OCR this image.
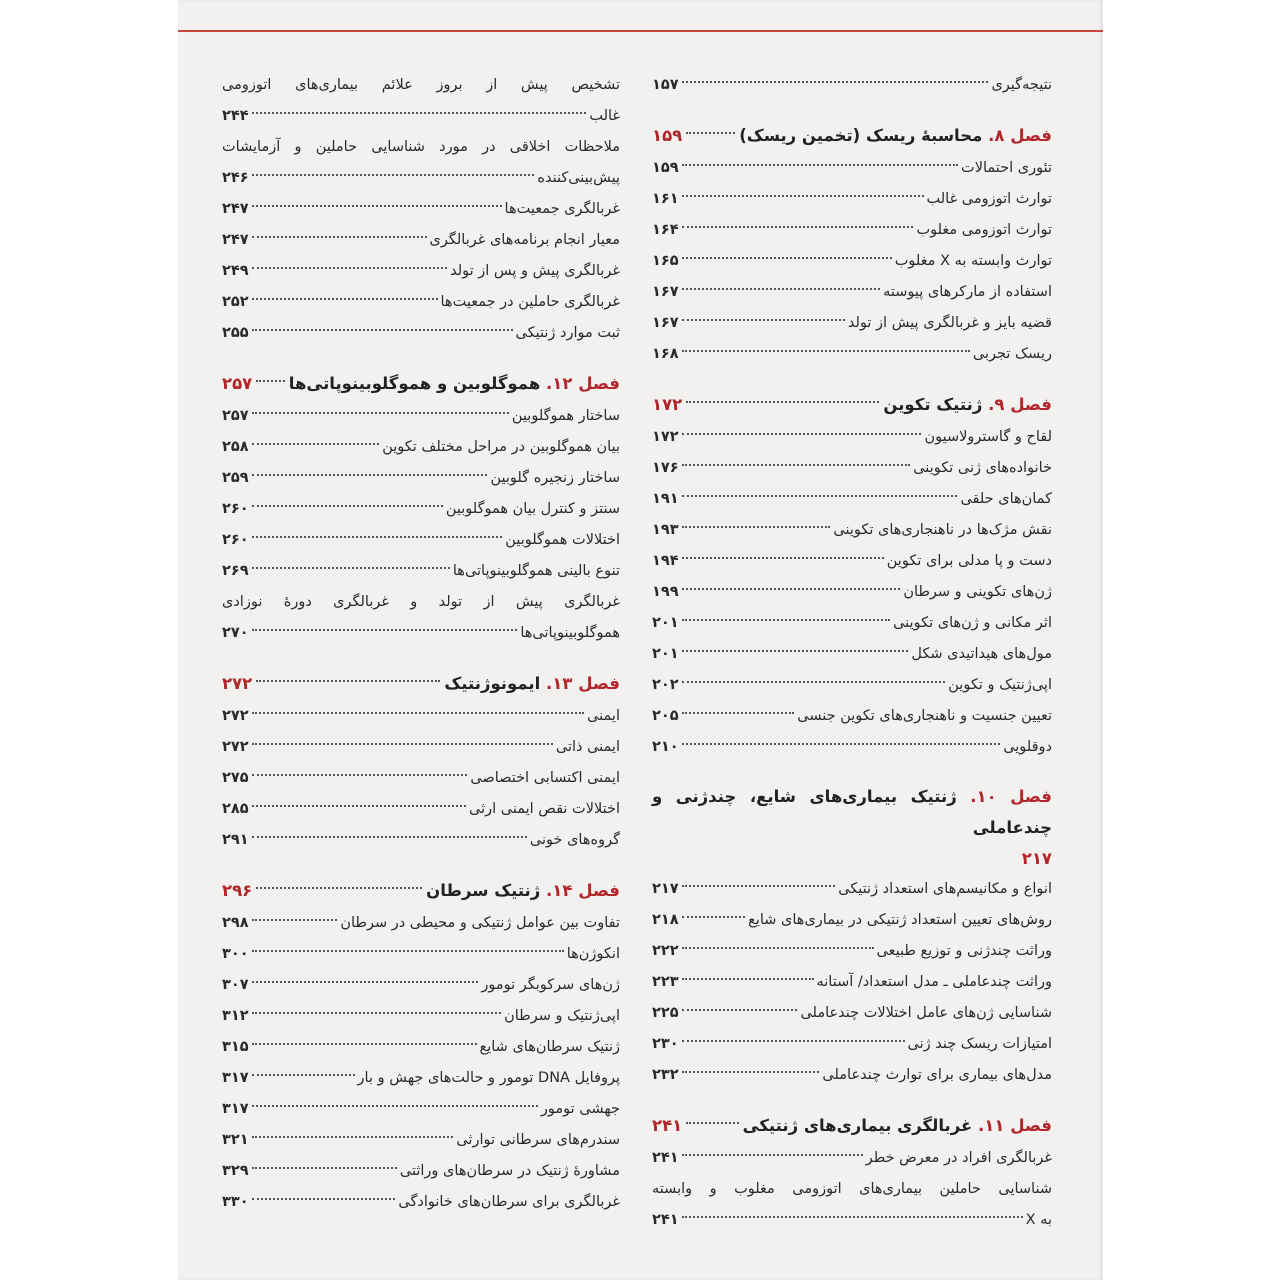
نتیجه‌گیری
۱۵۷
فصل ۸.

محاسبهٔ ریسک (تخمین ریسک)
۱۵۹
تئوری احتمالات
۱۵۹
توارث اتوزومی غالب
۱۶۱
توارث اتوزومی مغلوب
۱۶۴
توارث وابسته به X مغلوب
۱۶۵
استفاده از مارکرهای پیوسته
۱۶۷
قضیه بایز و غربالگری پیش از تولد
۱۶۷
ریسک تجربی
۱۶۸
فصل ۹.

ژنتیک تکوین
۱۷۲
لقاح و گاسترولاسیون
۱۷۲
خانواده‌های ژنی تکوینی
۱۷۶
کمان‌های حلقی
۱۹۱
نقش مژک‌ها در ناهنجاری‌های تکوینی
۱۹۳
دست و پا مدلی برای تکوین
۱۹۴
ژن‌های تکوینی و سرطان
۱۹۹
اثر مکانی و ژن‌های تکوینی
۲۰۱
مول‌های هیداتیدی شکل
۲۰۱
اپی‌ژنتیک و تکوین
۲۰۲
تعیین جنسیت و ناهنجاری‌های تکوین جنسی
۲۰۵
دوقلویی
۲۱۰
فصل ۱۰. ژنتیک بیماری‌های شایع، چندژنی و
چندعاملی
۲۱۷
انواع و مکانیسم‌های استعداد ژنتیکی
۲۱۷
روش‌های تعیین استعداد ژنتیکی در بیماری‌های شایع
۲۱۸
وراثت چندژنی و توزیع طبیعی
۲۲۲
وراثت چندعاملی ـ مدل استعداد/ آستانه
۲۲۳
شناسایی ژن‌های عامل اختلالات چندعاملی
۲۲۵
امتیازات ریسک چند ژنی
۲۳۰
مدل‌های بیماری برای توارث چندعاملی
۲۳۲
فصل ۱۱.

غربالگری بیماری‌های ژنتیکی
۲۴۱
غربالگری افراد در معرض خطر
۲۴۱
شناسایی حاملین بیماری‌های اتوزومی مغلوب و وابسته
به X
۲۴۱
تشخیص پیش از بروز علائم بیماری‌های اتوزومی
غالب
۲۴۴
ملاحظات اخلاقی در مورد شناسایی حاملین و آزمایشات
پیش‌بینی‌کننده
۲۴۶
غربالگری جمعیت‌ها
۲۴۷
معیار انجام برنامه‌های غربالگری
۲۴۷
غربالگری پیش و پس از تولد
۲۴۹
غربالگری حاملین در جمعیت‌ها
۲۵۲
ثبت موارد ژنتیکی
۲۵۵
فصل ۱۲.

هموگلوبین و هموگلوبینوپاتی‌ها
۲۵۷
ساختار هموگلوبین
۲۵۷
بیان هموگلوبین در مراحل مختلف تکوین
۲۵۸
ساختار زنجیره گلوبین
۲۵۹
سنتز و کنترل بیان هموگلوبین
۲۶۰
اختلالات هموگلوبین
۲۶۰
تنوع بالینی هموگلوبینوپاتی‌ها
۲۶۹
غربالگری پیش از تولد و غربالگری دورهٔ نوزادی
هموگلوبینوپاتی‌ها
۲۷۰
فصل ۱۳.

ایمونوژنتیک
۲۷۲
ایمنی
۲۷۲
ایمنی ذاتی
۲۷۲
ایمنی اکتسابی اختصاصی
۲۷۵
اختلالات نقص ایمنی ارثی
۲۸۵
گروه‌های خونی
۲۹۱
فصل ۱۴.

ژنتیک سرطان
۲۹۶
تفاوت بین عوامل ژنتیکی و محیطی در سرطان
۲۹۸
انکوژن‌ها
۳۰۰
ژن‌های سرکوبگر تومور
۳۰۷
اپی‌ژنتیک و سرطان
۳۱۲
ژنتیک سرطان‌های شایع
۳۱۵
پروفایل DNA تومور و حالت‌های جهش و بار
۳۱۷
جهشی تومور
۳۱۷
سندرم‌های سرطانی توارثی
۳۲۱
مشاورهٔ ژنتیک در سرطان‌های وراثتی
۳۲۹
غربالگری برای سرطان‌های خانوادگی
۳۳۰
